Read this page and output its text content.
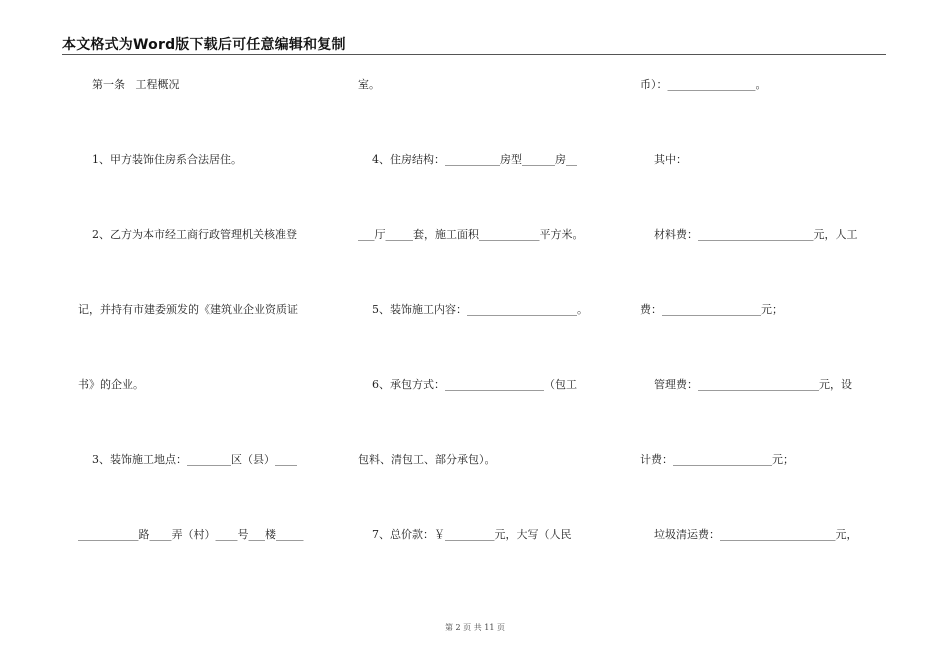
本文格式为Word版下载后可任意编辑和复制
第一条   工程概况
1、甲方装饰住房系合法居住。
2、乙方为本市经工商行政管理机关核准登
记，并持有市建委颁发的《建筑业企业资质证
书》的企业。
3、装饰施工地点：________区（县）____
___________路____弄（村）____号___楼_____
室。
4、住房结构：__________房型______房__
___厅_____套，施工面积___________平方米。
5、装饰施工内容：____________________。
6、承包方式：__________________（包工
包料、清包工、部分承包）。
7、总价款：￥_________元，大写（人民
币）：________________。
其中：
材料费：_____________________元，人工
费：__________________元；
管理费：______________________元，设
计费：__________________元；
垃圾清运费：_____________________元，
第 2 页 共 11 页
